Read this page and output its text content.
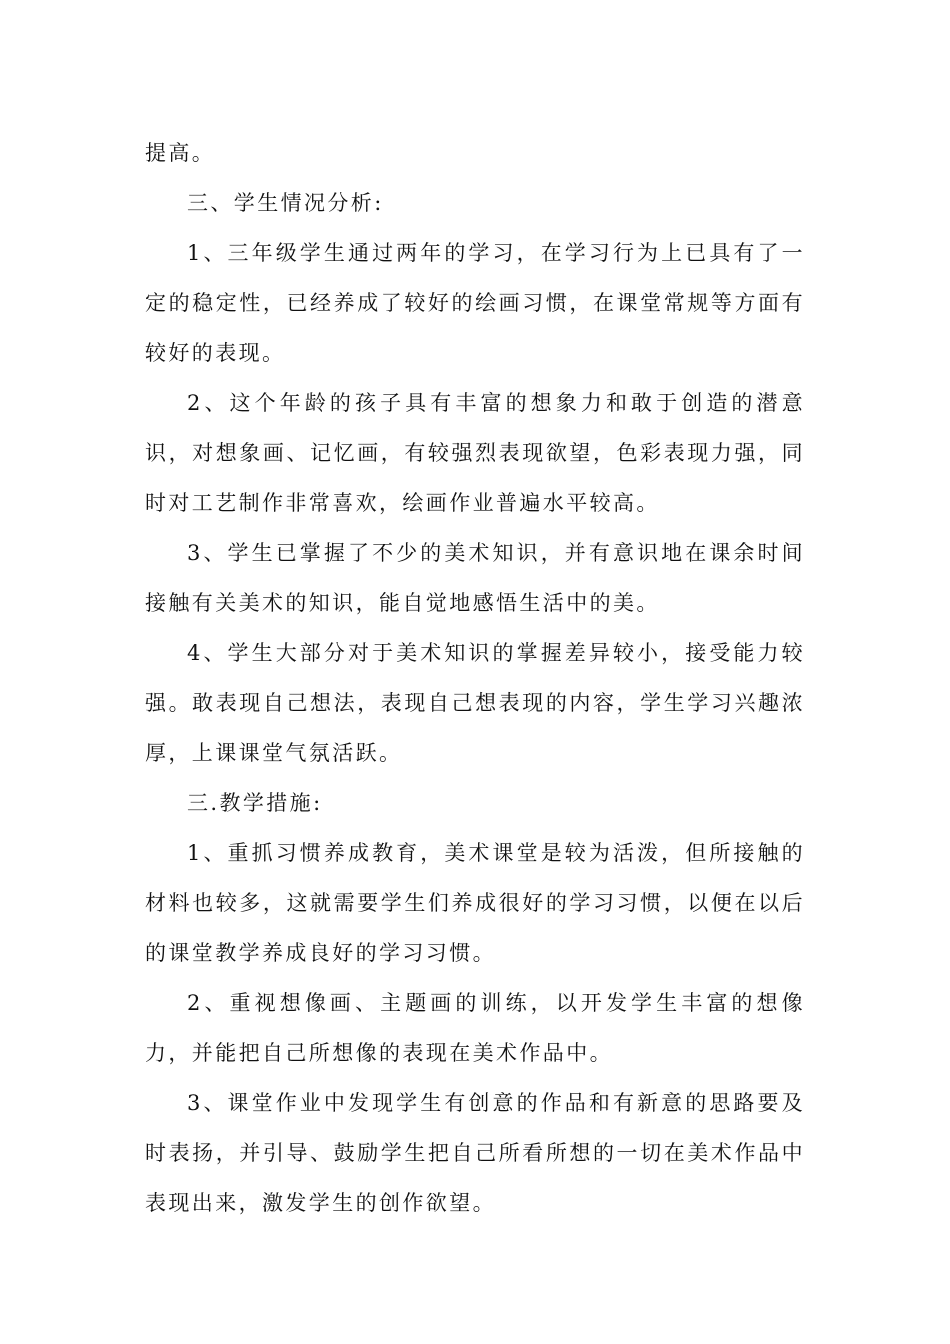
提高。

三、学生情况分析:

1、三年级学生通过两年的学习，在学习行为上已具有了一定的稳定性，已经养成了较好的绘画习惯，在课堂常规等方面有较好的表现。

2、这个年龄的孩子具有丰富的想象力和敢于创造的潜意识，对想象画、记忆画，有较强烈表现欲望，色彩表现力强，同时对工艺制作非常喜欢，绘画作业普遍水平较高。

3、学生已掌握了不少的美术知识，并有意识地在课余时间接触有关美术的知识，能自觉地感悟生活中的美。

4、学生大部分对于美术知识的掌握差异较小，接受能力较强。敢表现自己想法，表现自己想表现的内容，学生学习兴趣浓厚，上课课堂气氛活跃。

三.教学措施:

1、重抓习惯养成教育，美术课堂是较为活泼，但所接触的材料也较多，这就需要学生们养成很好的学习习惯，以便在以后的课堂教学养成良好的学习习惯。

2、重视想像画、主题画的训练，以开发学生丰富的想像力，并能把自己所想像的表现在美术作品中。

3、课堂作业中发现学生有创意的作品和有新意的思路要及时表扬，并引导、鼓励学生把自己所看所想的一切在美术作品中表现出来，激发学生的创作欲望。
